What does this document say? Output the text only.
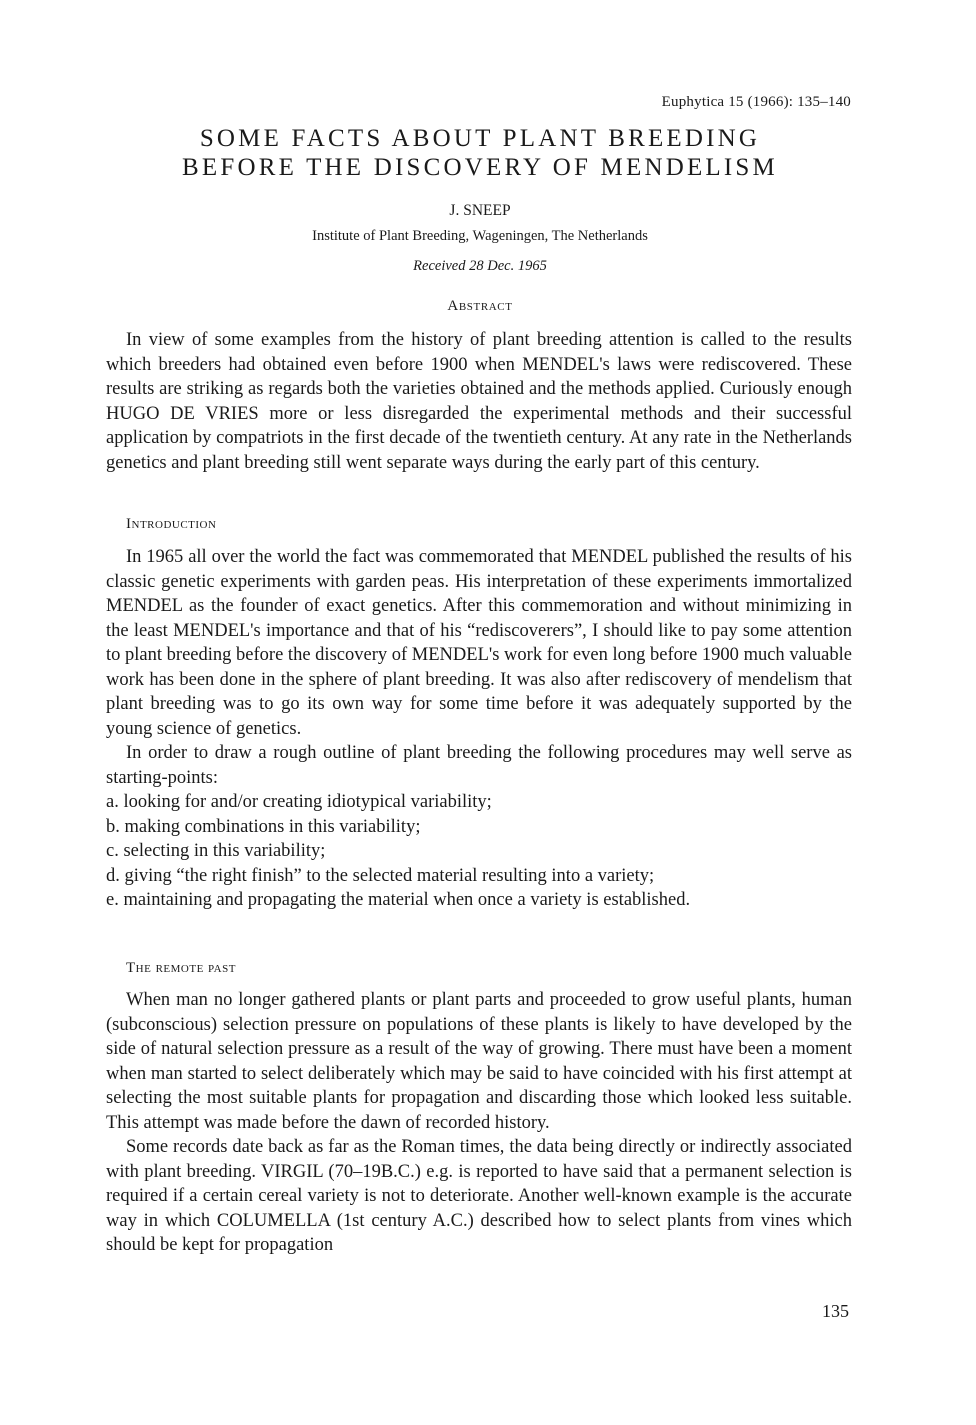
Euphytica 15 (1966): 135–140
SOME FACTS ABOUT PLANT BREEDING
BEFORE THE DISCOVERY OF MENDELISM
J. SNEEP
Institute of Plant Breeding, Wageningen, The Netherlands
Received 28 Dec. 1965
Abstract

In view of some examples from the history of plant breeding attention is called to the results which breeders had obtained even before 1900 when MENDEL's laws were rediscovered. These results are striking as regards both the varieties obtained and the methods applied. Curiously enough HUGO DE VRIES more or less disregarded the experimental methods and their successful application by compatriots in the first decade of the twentieth century. At any rate in the Netherlands genetics and plant breeding still went separate ways during the early part of this century.

Introduction

In 1965 all over the world the fact was commemorated that MENDEL published the results of his classic genetic experiments with garden peas. His interpretation of these experiments immortalized MENDEL as the founder of exact genetics. After this commemoration and without minimizing in the least MENDEL's importance and that of his “rediscoverers”, I should like to pay some attention to plant breeding before the discovery of MENDEL's work for even long before 1900 much valuable work has been done in the sphere of plant breeding. It was also after rediscovery of mendelism that plant breeding was to go its own way for some time before it was adequately supported by the young science of genetics.

In order to draw a rough outline of plant breeding the following procedures may well serve as starting-points:

a. looking for and/or creating idiotypical variability;
b. making combinations in this variability;
c. selecting in this variability;
d. giving “the right finish” to the selected material resulting into a variety;
e. maintaining and propagating the material when once a variety is established.
The remote past

When man no longer gathered plants or plant parts and proceeded to grow useful plants, human (subconscious) selection pressure on populations of these plants is likely to have developed by the side of natural selection pressure as a result of the way of growing. There must have been a moment when man started to select deliberately which may be said to have coincided with his first attempt at selecting the most suitable plants for propagation and discarding those which looked less suitable. This attempt was made before the dawn of recorded history.

Some records date back as far as the Roman times, the data being directly or indirectly associated with plant breeding. VIRGIL (70–19B.C.) e.g. is reported to have said that a permanent selection is required if a certain cereal variety is not to deteriorate. Another well-known example is the accurate way in which COLUMELLA (1st century A.C.) described how to select plants from vines which should be kept for propagation

135
